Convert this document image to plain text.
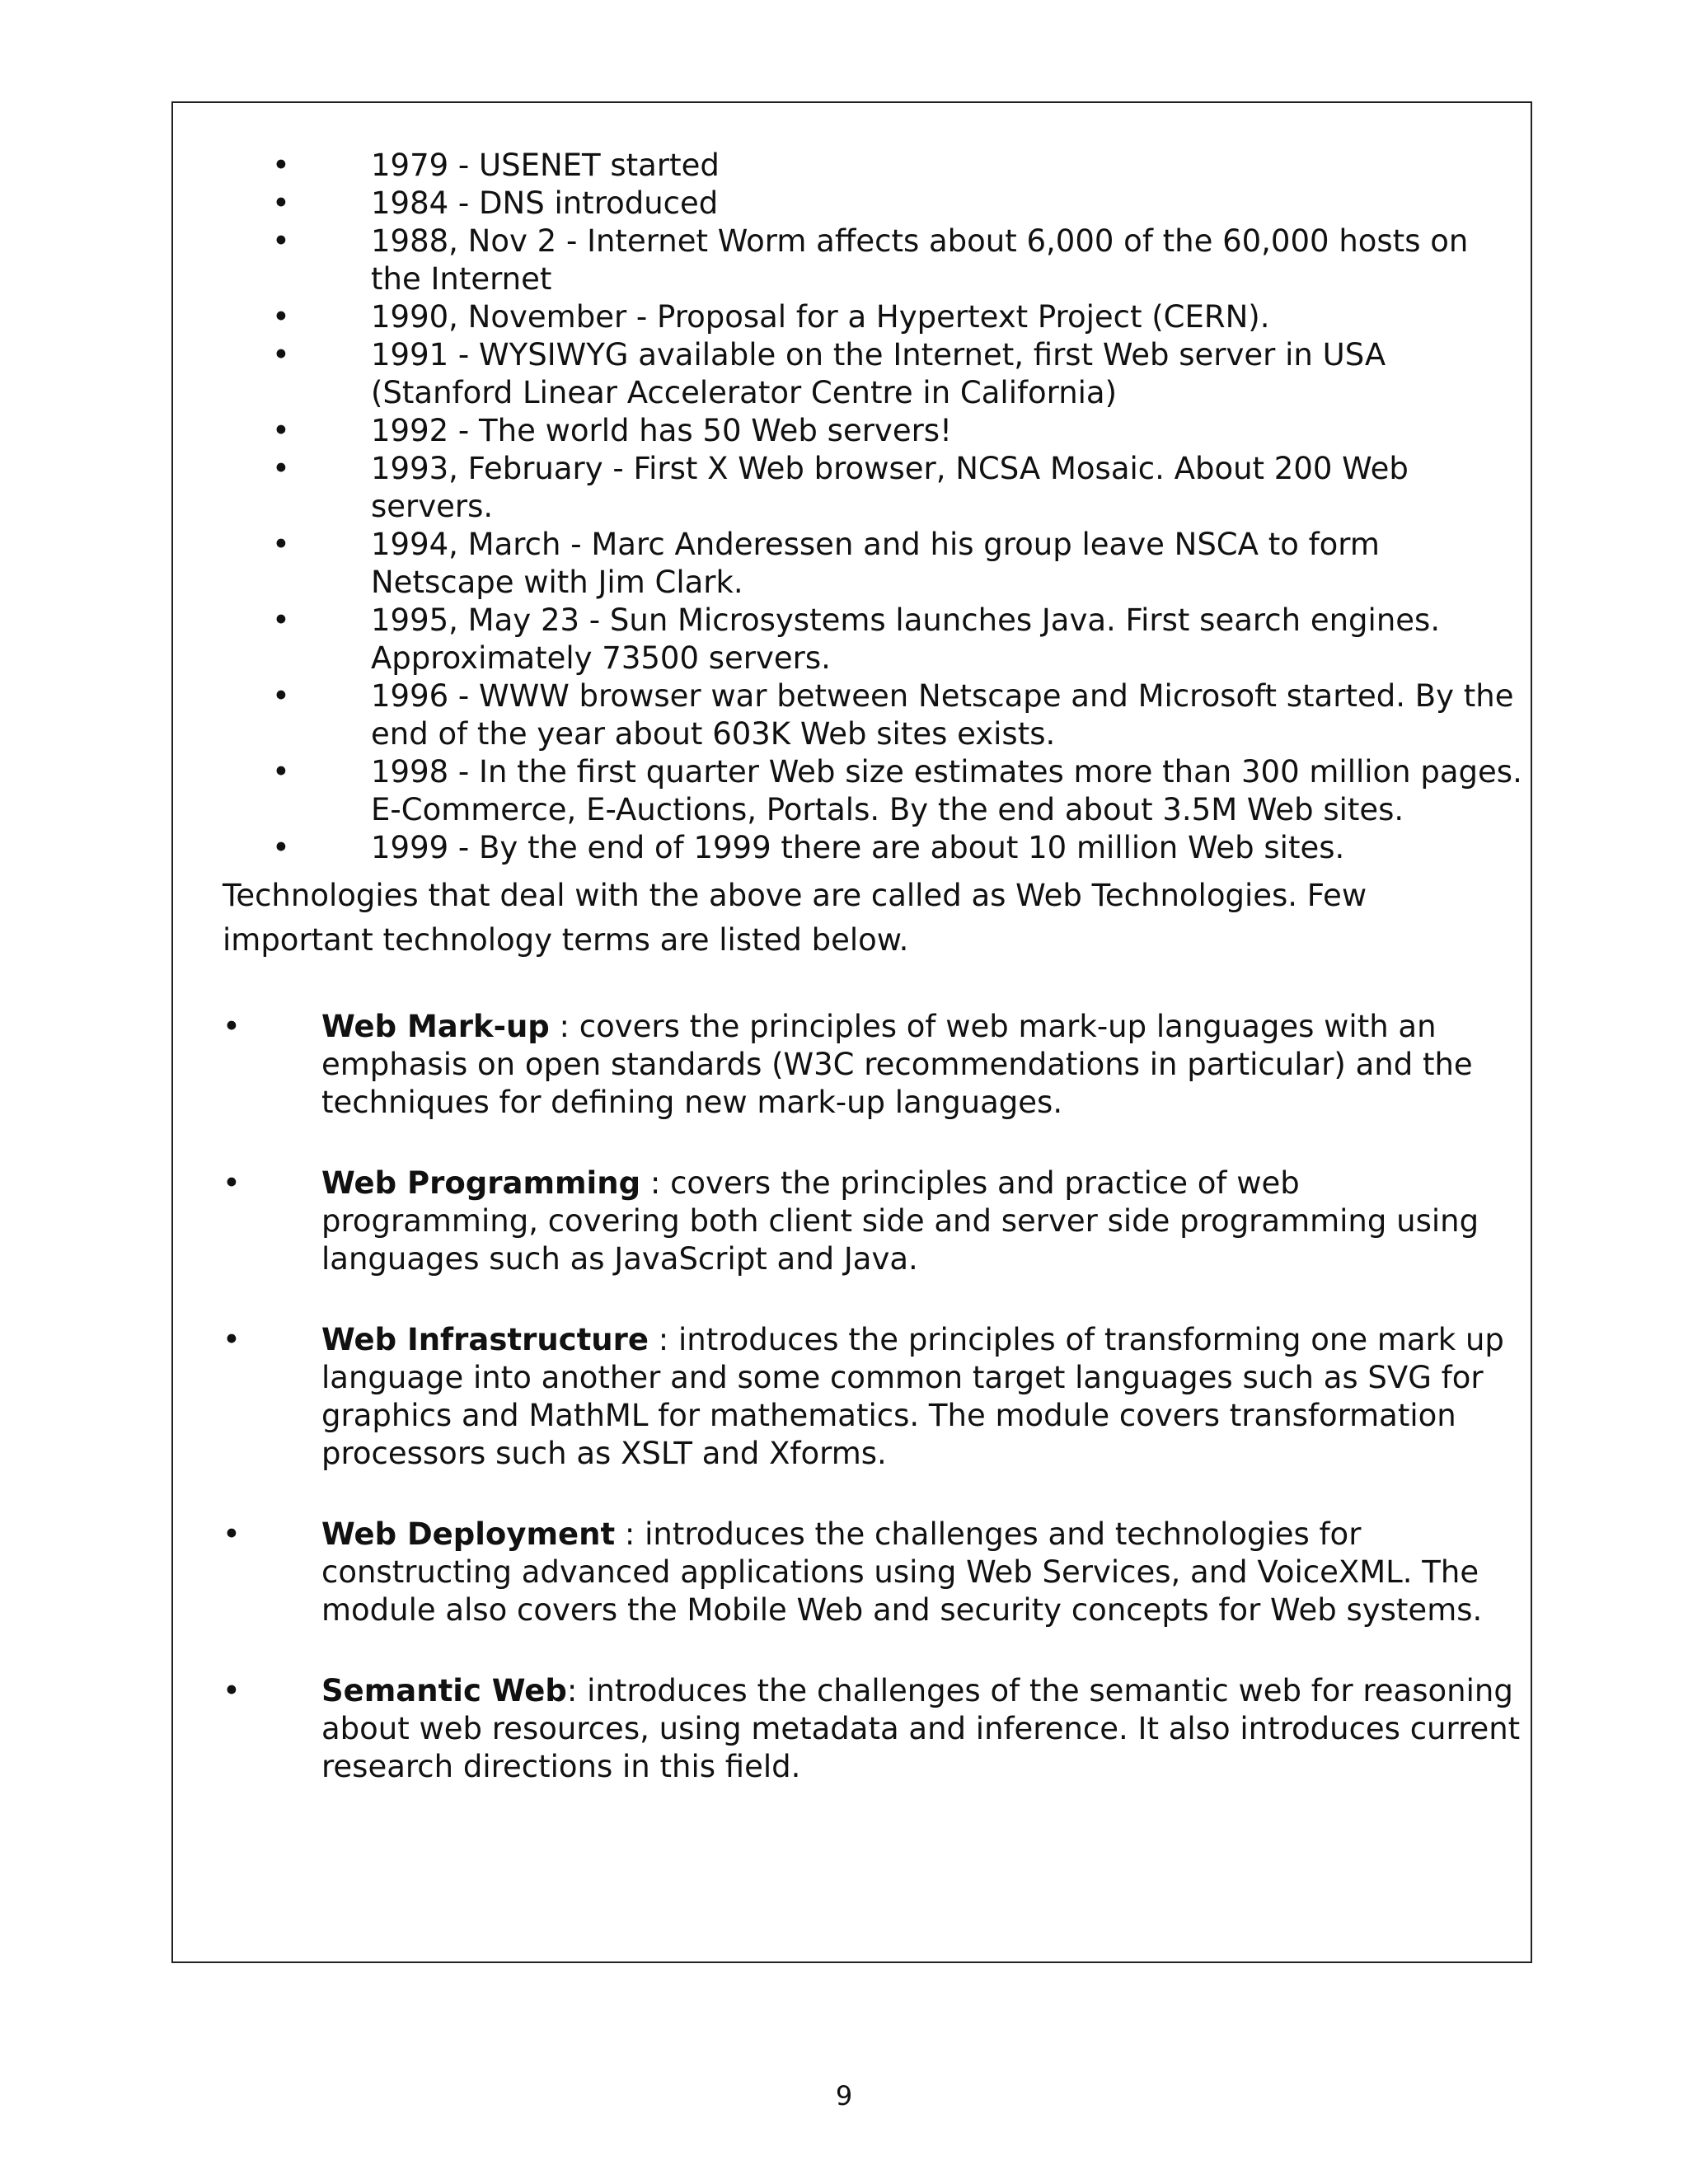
•	1979 - USENET started
•	1984 - DNS introduced
•	1988, Nov 2 - Internet Worm affects about 6,000 of the 60,000 hosts on the Internet
•	1990, November - Proposal for a Hypertext Project (CERN).
•	1991 - WYSIWYG available on the Internet, first Web server in USA (Stanford Linear Accelerator Centre in California)
•	1992 - The world has 50 Web servers!
•	1993, February - First X Web browser, NCSA Mosaic. About 200 Web servers.
•	1994, March - Marc Anderessen and his group leave NSCA to form Netscape with Jim Clark.
•	1995, May 23 - Sun Microsystems launches Java. First search engines. Approximately 73500 servers.
•	1996 - WWW browser war between Netscape and Microsoft started. By the end of the year about 603K Web sites exists.
•	1998 - In the first quarter Web size estimates more than 300 million pages. E-Commerce, E-Auctions, Portals. By the end about 3.5M Web sites.
•	1999 - By the end of 1999 there are about 10 million Web sites.

Technologies that deal with the above are called as Web Technologies. Few important technology terms are listed below.

•	Web Mark-up : covers the principles of web mark-up languages with an emphasis on open standards (W3C recommendations in particular) and the techniques for defining new mark-up languages.
•	Web Programming : covers the principles and practice of web programming, covering both client side and server side programming using languages such as JavaScript and Java.
•	Web Infrastructure : introduces the principles of transforming one mark up language into another and some common target languages such as SVG for graphics and MathML for mathematics. The module covers transformation processors such as XSLT and Xforms.
•	Web Deployment : introduces the challenges and technologies for constructing advanced applications using Web Services, and VoiceXML. The module also covers the Mobile Web and security concepts for Web systems.
•	Semantic Web: introduces the challenges of the semantic web for reasoning about web resources, using metadata and inference. It also introduces current research directions in this field.
9
